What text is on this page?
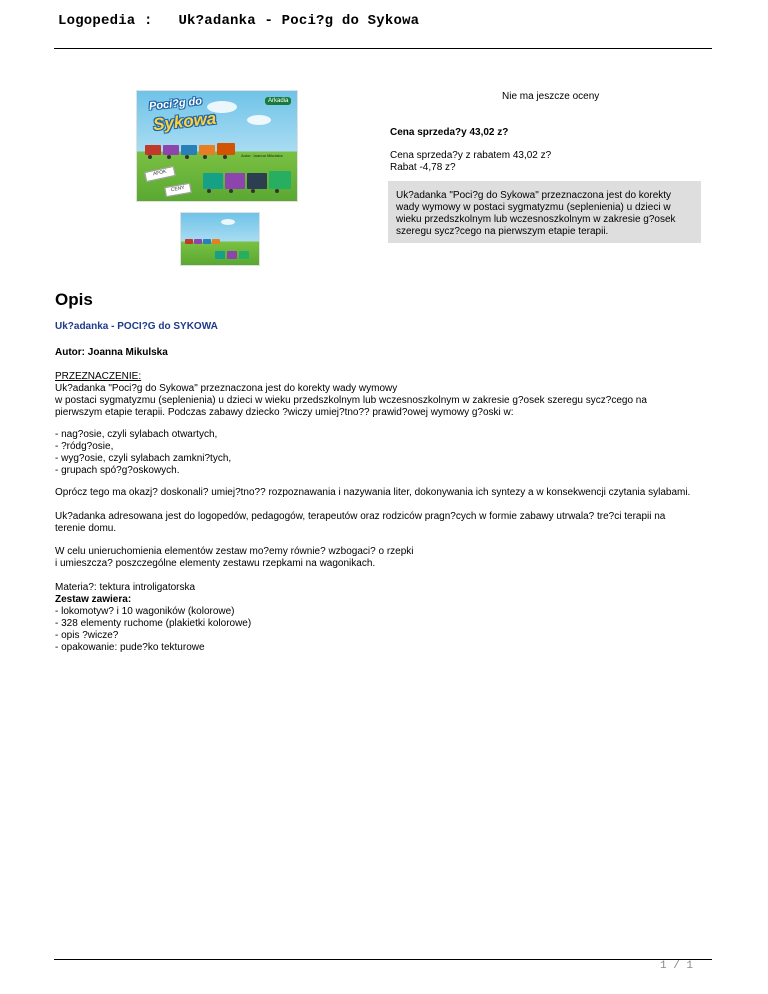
Logopedia : Uk?adanka - Poci?g do Sykowa
Poci?g do
Sykowa
Arkadia
Autor: Joanna Mikulska
AFOK
CENY
Nie ma jeszcze oceny
Cena sprzeda?y 43,02 z?
Cena sprzeda?y z rabatem 43,02 z?
Rabat -4,78 z?
Uk?adanka "Poci?g do Sykowa" przeznaczona jest do korekty wady wymowy w postaci sygmatyzmu (seplenienia) u dzieci w wieku przedszkolnym lub wczesnoszkolnym w zakresie g?osek szeregu sycz?cego na pierwszym etapie terapii.
Opis
Uk?adanka - POCI?G do SYKOWA
Autor: Joanna Mikulska

PRZEZNACZENIE:

Uk?adanka "Poci?g do Sykowa" przeznaczona jest do korekty wady wymowy

w postaci sygmatyzmu (seplenienia) u dzieci w wieku przedszkolnym lub wczesnoszkolnym w zakresie g?osek szeregu sycz?cego na

pierwszym etapie terapii. Podczas zabawy dziecko ?wiczy umiej?tno?? prawid?owej wymowy g?oski w:

- nag?osie, czyli sylabach otwartych,

- ?ródg?osie,

- wyg?osie, czyli sylabach zamkni?tych,

- grupach spó?g?oskowych.

Oprócz tego ma okazj? doskonali? umiej?tno?? rozpoznawania i nazywania liter, dokonywania ich syntezy a w konsekwencji czytania sylabami.

Uk?adanka adresowana jest do logopedów, pedagogów, terapeutów oraz rodziców pragn?cych w formie zabawy utrwala? tre?ci terapii na

terenie domu.

W celu unieruchomienia elementów zestaw mo?emy równie? wzbogaci? o rzepki

i umieszcza? poszczególne elementy zestawu rzepkami na wagonikach.

Materia?: tektura introligatorska

Zestaw zawiera:

- lokomotyw? i 10 wagoników (kolorowe)

- 328 elementy ruchome (plakietki kolorowe)

- opis ?wicze?

- opakowanie: pude?ko tekturowe

1 / 1
